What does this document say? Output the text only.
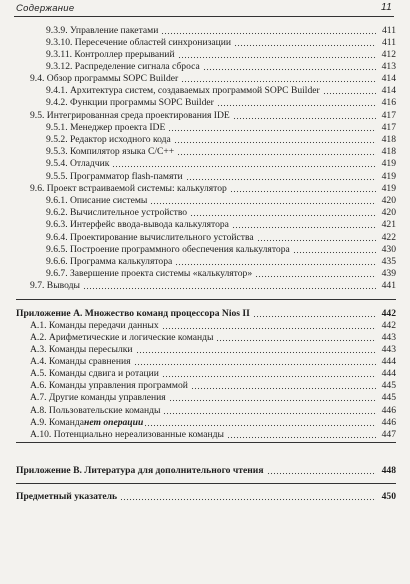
Содержание	11
9.3.9. Управление пакетами	411
9.3.10. Пересечение областей синхронизации	411
9.3.11. Контроллер прерываний	412
9.3.12. Распределение сигнала сброса	413
9.4. Обзор программы SOPC Builder	414
9.4.1. Архитектура систем, создаваемых программой SOPC Builder	414
9.4.2. Функции программы SOPC Builder	416
9.5. Интегрированная среда проектирования IDE	417
9.5.1. Менеджер проекта IDE	417
9.5.2. Редактор исходного кода	418
9.5.3. Компилятор языка C/C++	418
9.5.4. Отладчик	419
9.5.5. Программатор flash-памяти	419
9.6. Проект встраиваемой системы: калькулятор	419
9.6.1. Описание системы	420
9.6.2. Вычислительное устройство	420
9.6.3. Интерфейс ввода-вывода калькулятора	421
9.6.4. Проектирование вычислительного устойства	422
9.6.5. Построение программного обеспечения калькулятора	430
9.6.6. Программа калькулятора	435
9.6.7. Завершение проекта системы «калькулятор»	439
9.7. Выводы	441
Приложение А. Множество команд процессора Nios II	442
А.1. Команды передачи данных	442
А.2. Арифметические и логические команды	443
А.3. Команды пересылки	443
А.4. Команды сравнения	444
А.5. Команды сдвига и ротации	444
А.6. Команды управления программой	445
А.7. Другие команды управления	445
А.8. Пользовательские команды	446
А.9. Команда нет операции	446
А.10. Потенциально нереализованные команды	447
Приложение В. Литература для дополнительного чтения	448
Предметный указатель	450
